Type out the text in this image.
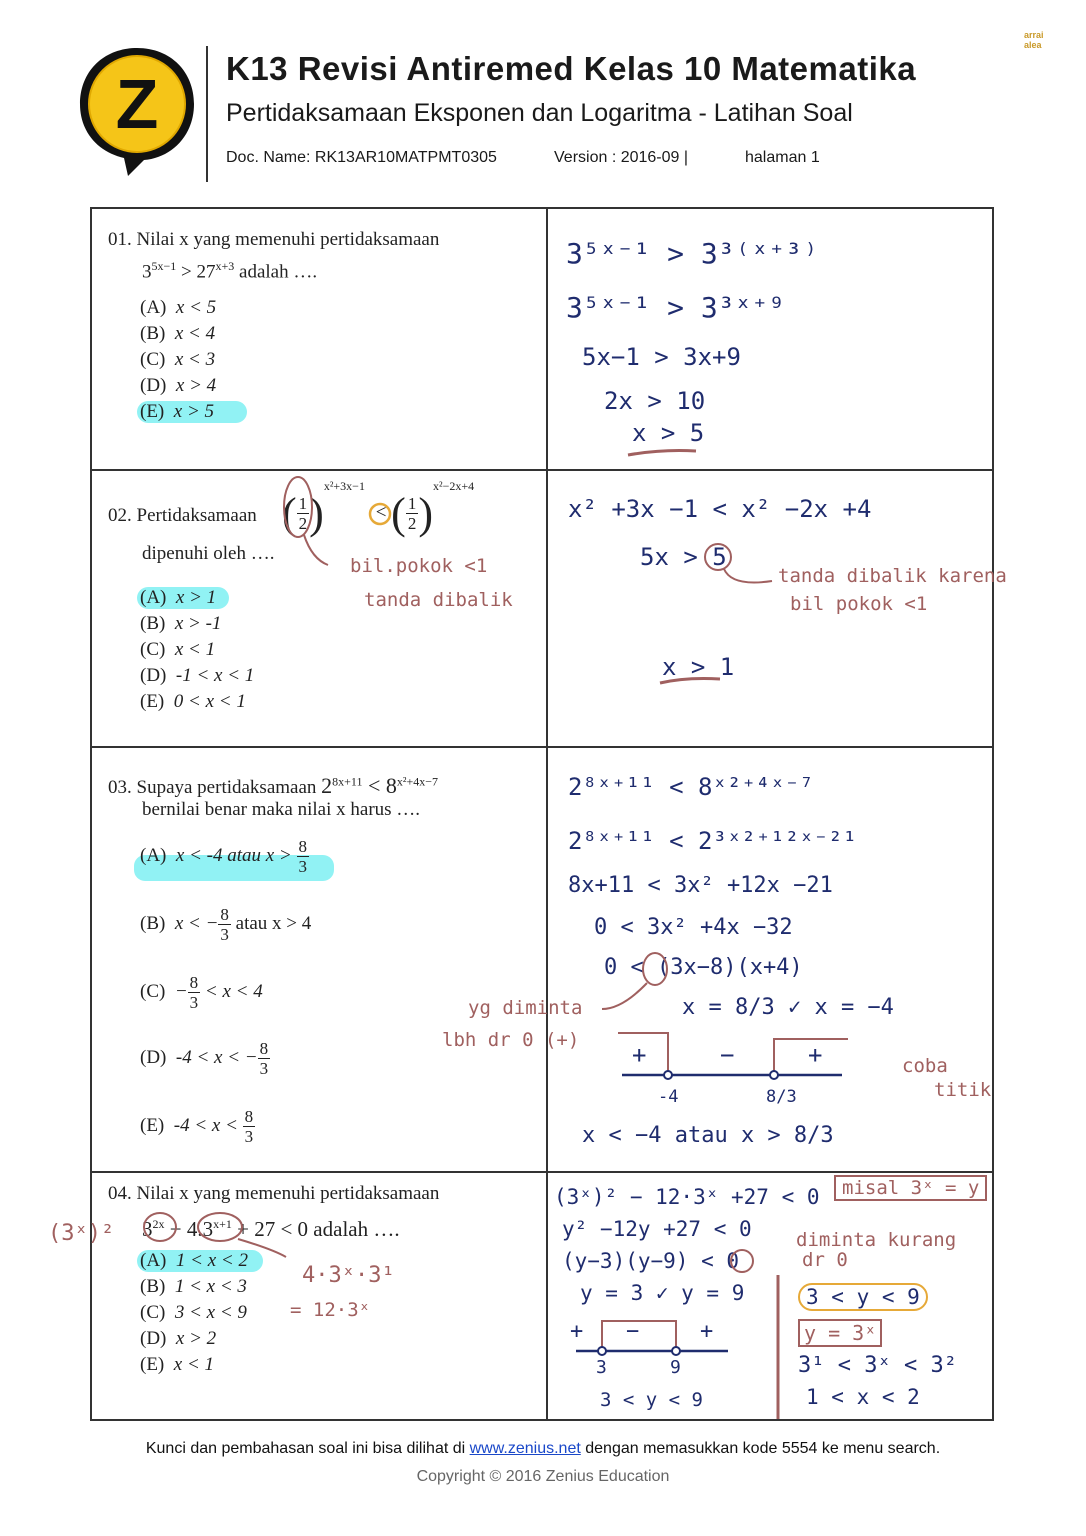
Z K13 Revisi Antiremed Kelas 10 Matematika
Pertidaksamaan Eksponen dan Logaritma - Latihan Soal
Doc. Name: RK13AR10MATPMT0305	Version : 2016-09 |	halaman 1
arrai
alea
01. Nilai x yang memenuhi pertidaksamaan
$3^{5x-1} > 27^{x+3}$ adalah ….
(A) x < 5
(B) x < 4
(C) x < 3
(D) x > 4
(E) x > 5
3⁵ˣ⁻¹ > 3³⁽ˣ⁺³⁾
3⁵ˣ⁻¹ > 3³ˣ⁺⁹
5x−1 > 3x+9
2x > 10
x > 5
02. Pertidaksamaan ( $\frac{1}{2} )^{x^2+3x-1}$ < ( $\frac{1}{2} )^{x^2-2x+4}$
dipenuhi oleh ….
(A) x > 1
(B) x > -1
(C) x < 1
(D) -1 < x < 1
(E) 0 < x < 1
bil.pokok <1
tanda dibalik
x² +3x −1 < x² −2x +4
5x > 5
x > 1
tanda dibalik karena
bil pokok <1
03. Supaya pertidaksamaan $2^{8x+11} < 8^{x^2+4x-7}$
bernilai benar maka nilai x harus ….
(A) x < -4 atau $x > \frac{8}{3}$
(B) x < − $\frac{8}{3}$ atau x > 4
$(C) - \frac{8}{3} < x < 4$
(D) -4 < x < − $\frac{8}{3}$
(E) $-4 < x < \frac{8}{3}$
2⁸ˣ⁺¹¹ < 8ˣ²⁺⁴ˣ⁻⁷
2⁸ˣ⁺¹¹ < 2³ˣ²⁺¹²ˣ⁻²¹
8x+11 < 3x² +12x −21
0 < 3x² +4x −32
0 < (3x−8)(x+4)
x = 8/3 ✓ x = −4
x < −4 atau x > 8/3
yg diminta
lbh dr 0 (+)
coba
titik
+	−	+
-4	8/3
04. Nilai x yang memenuhi pertidaksamaan
$3^{2x} - 4.3^{x+1} + 27 < 0$ adalah ….
(A) 1 < x < 2
(B) 1 < x < 3
(C) 3 < x < 9
(D) x > 2
(E) x < 1
(3ˣ)²
4·3ˣ·3¹
= 12·3ˣ
(3ˣ)² − 12·3ˣ +27 < 0
y² −12y +27 < 0
(y−3)(y−9) < 0
y = 3 ✓ y = 9
3 < y < 9
misal 3ˣ = y
diminta kurang
dr 0
3 < y < 9
y = 3ˣ
3¹ < 3ˣ < 3²
1 < x < 2
+ −	+
3	9
Kunci dan pembahasan soal ini bisa dilihat di www.zenius.net dengan memasukkan kode 5554 ke menu search.
Copyright © 2016 Zenius Education
